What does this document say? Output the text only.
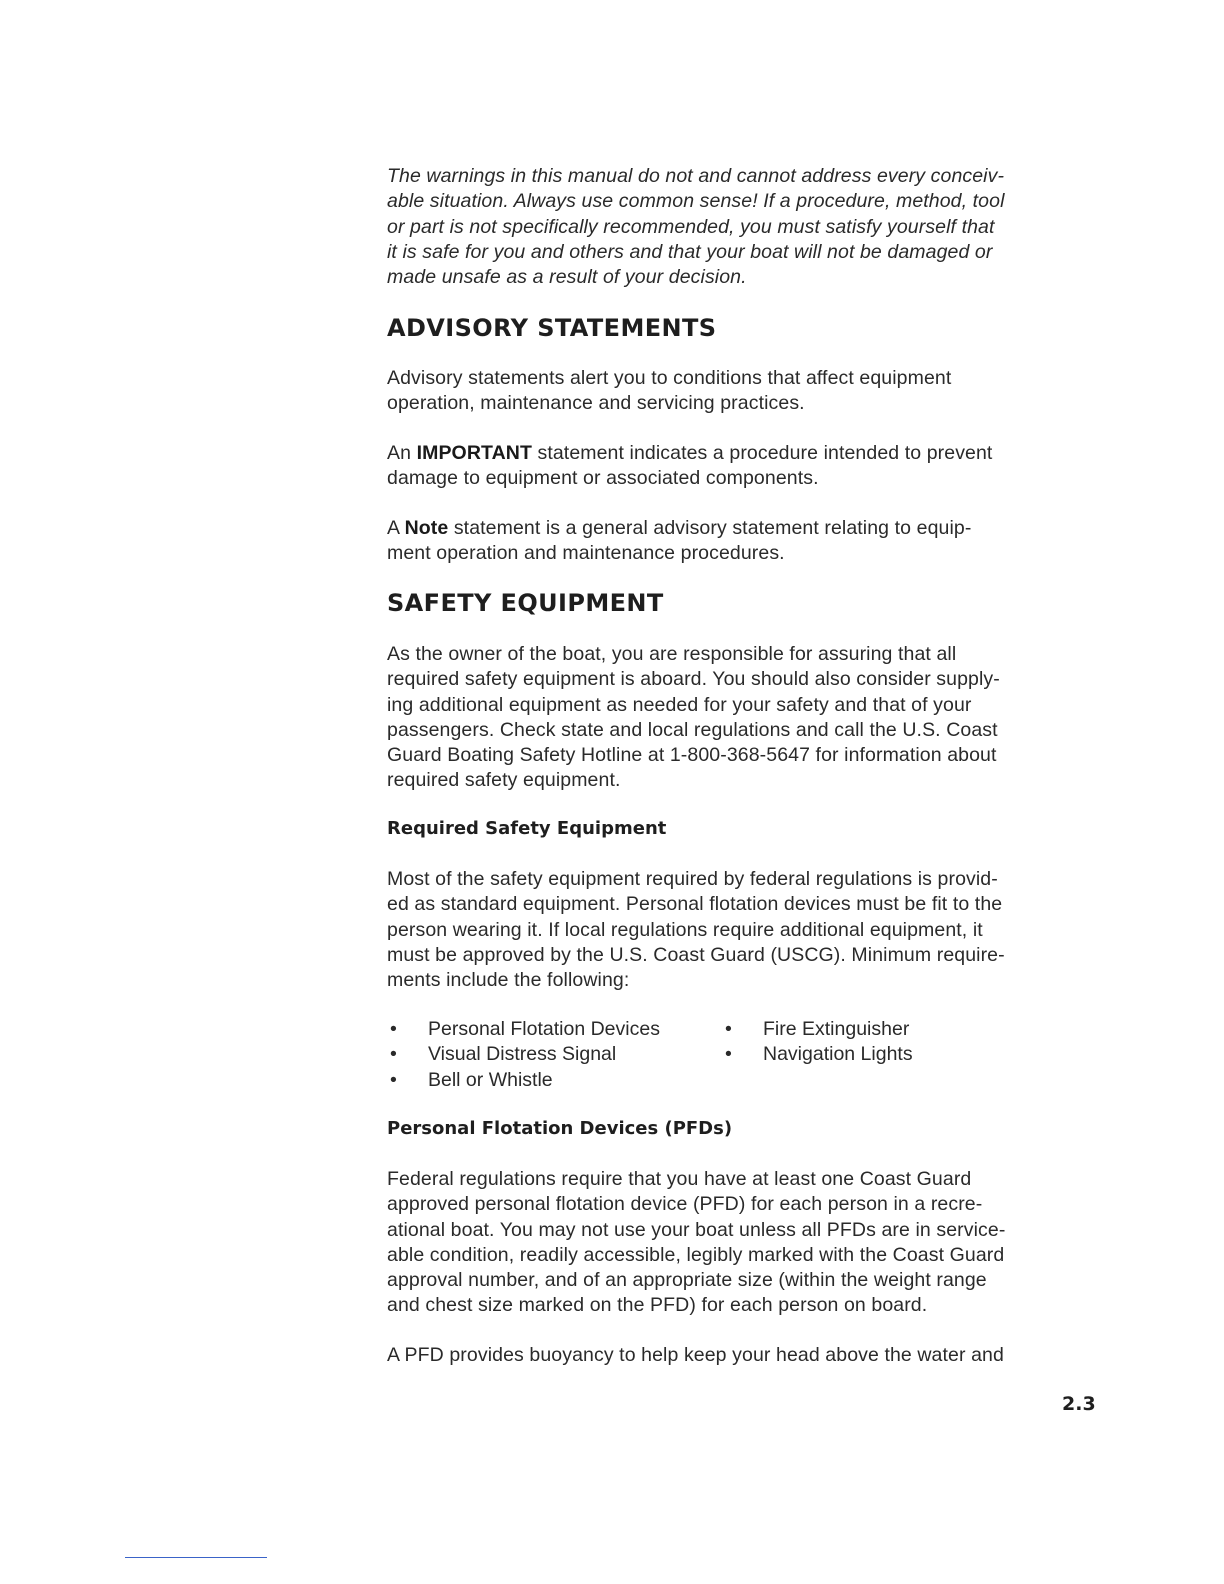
The warnings in this manual do not and cannot address every conceiv-
able situation. Always use common sense! If a procedure, method, tool
or part is not specifically recommended, you must satisfy yourself that
it is safe for you and others and that your boat will not be damaged or
made unsafe as a result of your decision.

ADVISORY STATEMENTS

Advisory statements alert you to conditions that affect equipment
operation, maintenance and servicing practices.

An IMPORTANT statement indicates a procedure intended to prevent
damage to equipment or associated components.

A Note statement is a general advisory statement relating to equip-
ment operation and maintenance procedures.

SAFETY EQUIPMENT

As the owner of the boat, you are responsible for assuring that all
required safety equipment is aboard. You should also consider supply-
ing additional equipment as needed for your safety and that of your
passengers. Check state and local regulations and call the U.S. Coast
Guard Boating Safety Hotline at 1-800-368-5647 for information about
required safety equipment.

Required Safety Equipment

Most of the safety equipment required by federal regulations is provid-
ed as standard equipment. Personal flotation devices must be fit to the
person wearing it. If local regulations require additional equipment, it
must be approved by the U.S. Coast Guard (USCG). Minimum require-
ments include the following:

• Personal Flotation Devices	• Fire Extinguisher
• Visual Distress Signal	• Navigation Lights
• Bell or Whistle
Personal Flotation Devices (PFDs)

Federal regulations require that you have at least one Coast Guard
approved personal flotation device (PFD) for each person in a recre-
ational boat. You may not use your boat unless all PFDs are in service-
able condition, readily accessible, legibly marked with the Coast Guard
approval number, and of an appropriate size (within the weight range
and chest size marked on the PFD) for each person on board.

A PFD provides buoyancy to help keep your head above the water and

2.3
